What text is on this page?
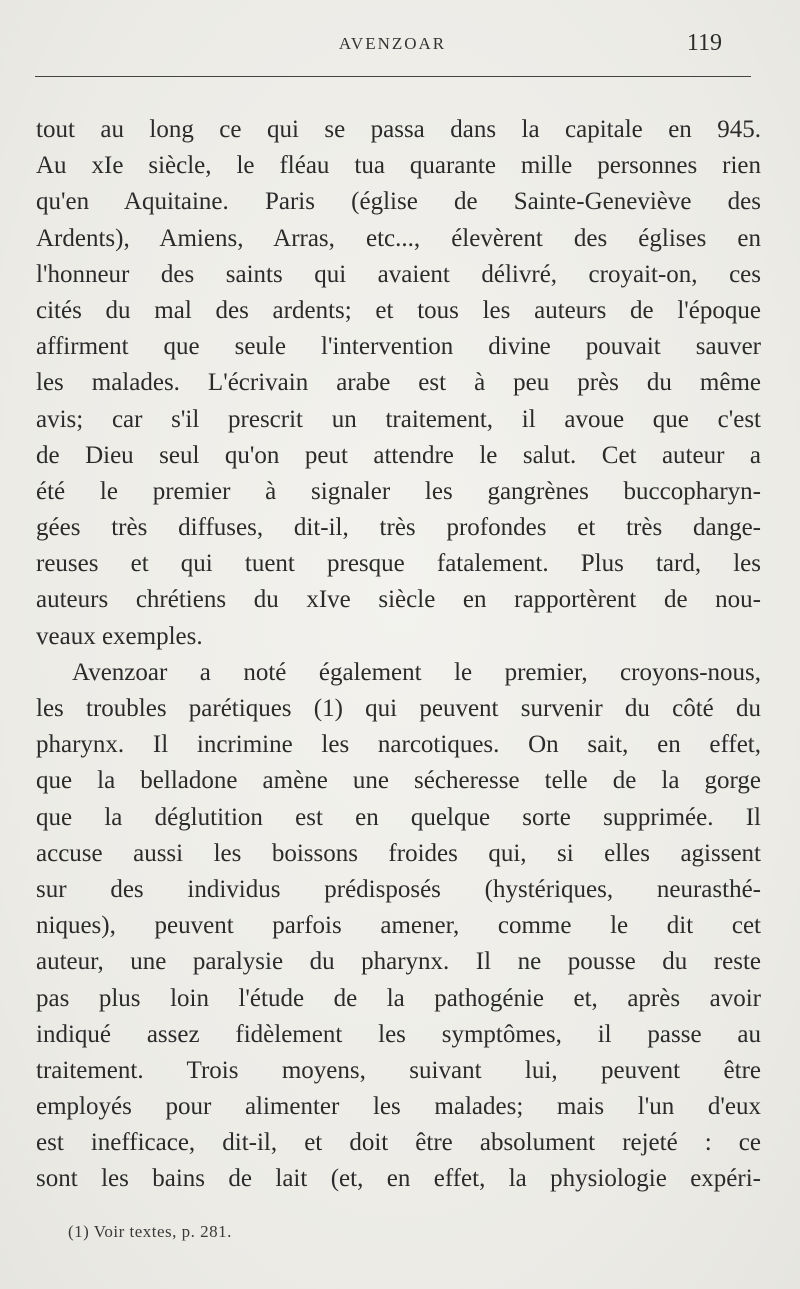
AVENZOAR	119
tout au long ce qui se passa dans la capitale en 945.
Au xIe siècle, le fléau tua quarante mille personnes rien
qu'en Aquitaine. Paris (église de Sainte-Geneviève des
Ardents), Amiens, Arras, etc..., élevèrent des églises en
l'honneur des saints qui avaient délivré, croyait-on, ces
cités du mal des ardents; et tous les auteurs de l'époque
affirment que seule l'intervention divine pouvait sauver
les malades. L'écrivain arabe est à peu près du même
avis; car s'il prescrit un traitement, il avoue que c'est
de Dieu seul qu'on peut attendre le salut. Cet auteur a
été le premier à signaler les gangrènes buccopharyn-
gées très diffuses, dit-il, très profondes et très dange-
reuses et qui tuent presque fatalement. Plus tard, les
auteurs chrétiens du xIve siècle en rapportèrent de nou-
veaux exemples.
Avenzoar a noté également le premier, croyons-nous,
les troubles parétiques (1) qui peuvent survenir du côté du
pharynx. Il incrimine les narcotiques. On sait, en effet,
que la belladone amène une sécheresse telle de la gorge
que la déglutition est en quelque sorte supprimée. Il
accuse aussi les boissons froides qui, si elles agissent
sur des individus prédisposés (hystériques, neurasthé-
niques), peuvent parfois amener, comme le dit cet
auteur, une paralysie du pharynx. Il ne pousse du reste
pas plus loin l'étude de la pathogénie et, après avoir
indiqué assez fidèlement les symptômes, il passe au
traitement. Trois moyens, suivant lui, peuvent être
employés pour alimenter les malades; mais l'un d'eux
est inefficace, dit-il, et doit être absolument rejeté : ce
sont les bains de lait (et, en effet, la physiologie expéri-
(1) Voir textes, p. 281.
